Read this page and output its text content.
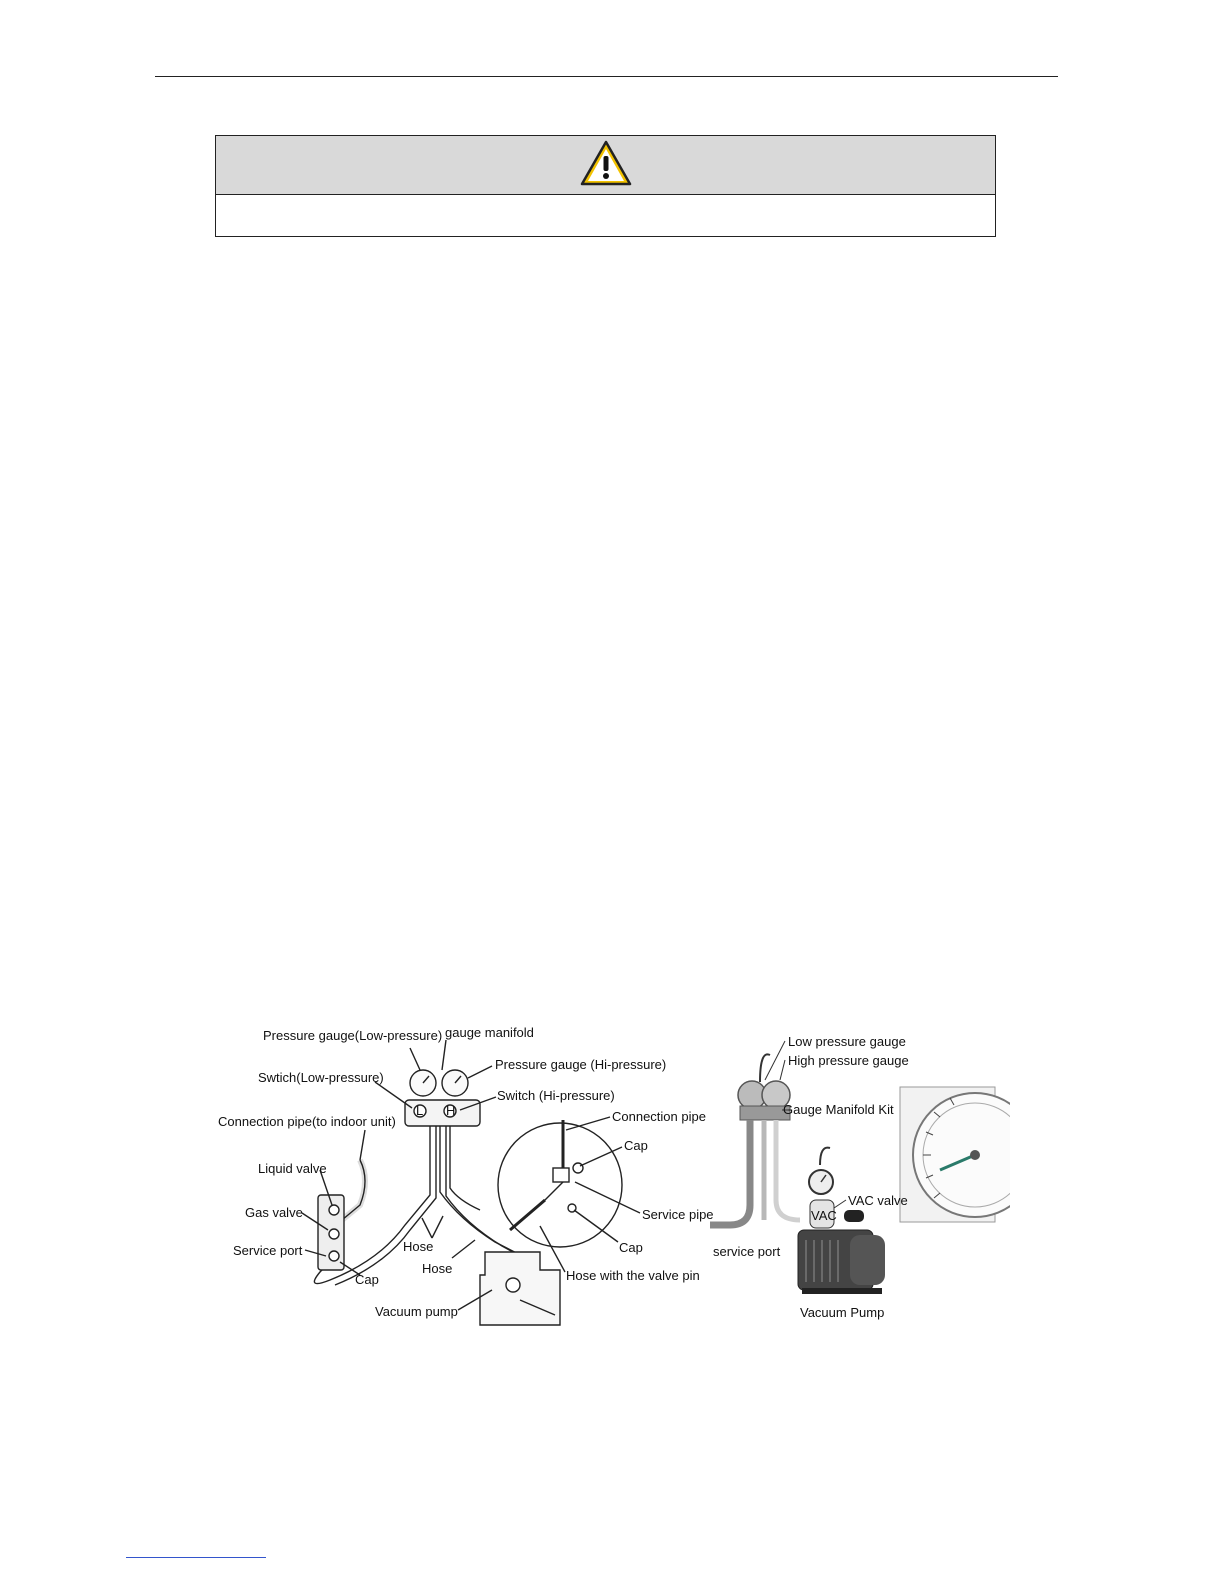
Pressure gauge(Low-pressure) gauge manifold
Pressure gauge (Hi-pressure)
Swtich(Low-pressure)
Switch (Hi-pressure)
Connection pipe(to indoor unit)
Liquid valve
Gas valve
Service port
Cap
Hose
Hose
Vacuum pump
Connection pipe
Cap
Service pipe
Cap
Hose with the valve pin
L H
Low pressure gauge
High pressure gauge
Gauge Manifold Kit
VAC valve
VAC
service port
Vacuum Pump
